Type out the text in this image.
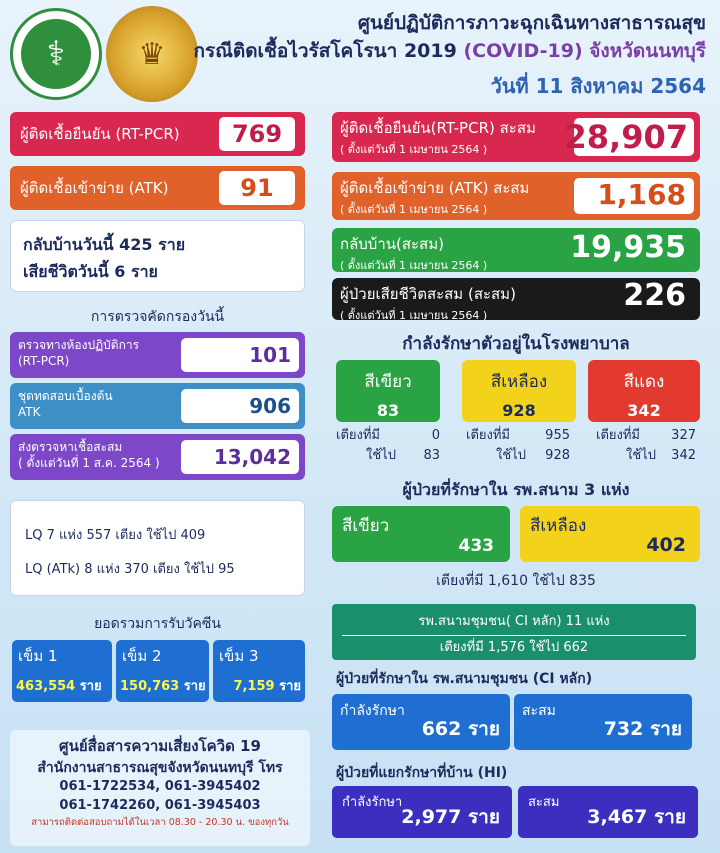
⚕	♛
ศูนย์ปฏิบัติการภาวะฉุกเฉินทางสาธารณสุข
กรณีติดเชื้อไวรัสโคโรนา 2019 (COVID-19) จังหวัดนนทบุรี
วันที่ 11 สิงหาคม 2564
ผู้ติดเชื้อยืนยัน (RT-PCR)	769
ผู้ติดเชื้อเข้าข่าย (ATK)	91
กลับบ้านวันนี้ 425 ราย
เสียชีวิตวันนี้ 6 ราย
การตรวจคัดกรองวันนี้
ตรวจทางห้องปฏิบัติการ
(RT-PCR)	101
ชุดทดสอบเบื้องต้น
ATK	906
ส่งตรวจหาเชื้อสะสม
( ตั้งแต่วันที่ 1 ส.ค. 2564 )	13,042
LQ 7 แห่ง 557 เตียง ใช้ไป 409
LQ (ATk) 8 แห่ง 370 เตียง ใช้ไป 95
ยอดรวมการรับวัคซีน
เข็ม 1
463,554 ราย
เข็ม 2
150,763 ราย
เข็ม 3
7,159 ราย
ศูนย์สื่อสารความเสี่ยงโควิด 19
สำนักงานสาธารณสุขจังหวัดนนทบุรี โทร
061-1722534, 061-3945402
061-1742260, 061-3945403
สามารถติดต่อสอบถามได้ในเวลา 08.30 - 20.30 น. ของทุกวัน
ผู้ติดเชื้อยืนยัน(RT-PCR) สะสม
( ตั้งแต่วันที่ 1 เมษายน 2564 )	28,907
ผู้ติดเชื้อเข้าข่าย (ATK) สะสม
( ตั้งแต่วันที่ 1 เมษายน 2564 )	1,168
กลับบ้าน(สะสม)
( ตั้งแต่วันที่ 1 เมษายน 2564 )
19,935
ผู้ป่วยเสียชีวิตสะสม (สะสม)
( ตั้งแต่วันที่ 1 เมษายน 2564 )
226
กำลังรักษาตัวอยู่ในโรงพยาบาล
สีเขียว
83
สีเหลือง
928
สีแดง
342
เตียงที่มี	0
ใช้ไป 83
เตียงที่มี	955
ใช้ไป 928
เตียงที่มี 327
ใช้ไป 342
ผู้ป่วยที่รักษาใน รพ.สนาม 3 แห่ง
สีเขียว
433
สีเหลือง
402
เตียงที่มี 1,610 ใช้ไป 835
รพ.สนามชุมชน( CI หลัก) 11 แห่ง
เตียงที่มี 1,576 ใช้ไป 662
ผู้ป่วยที่รักษาใน รพ.สนามชุมชน (CI หลัก)
กำลังรักษา
662 ราย
สะสม
732 ราย
ผู้ป่วยที่แยกรักษาที่บ้าน (HI)
กำลังรักษา
2,977 ราย
สะสม
3,467 ราย
